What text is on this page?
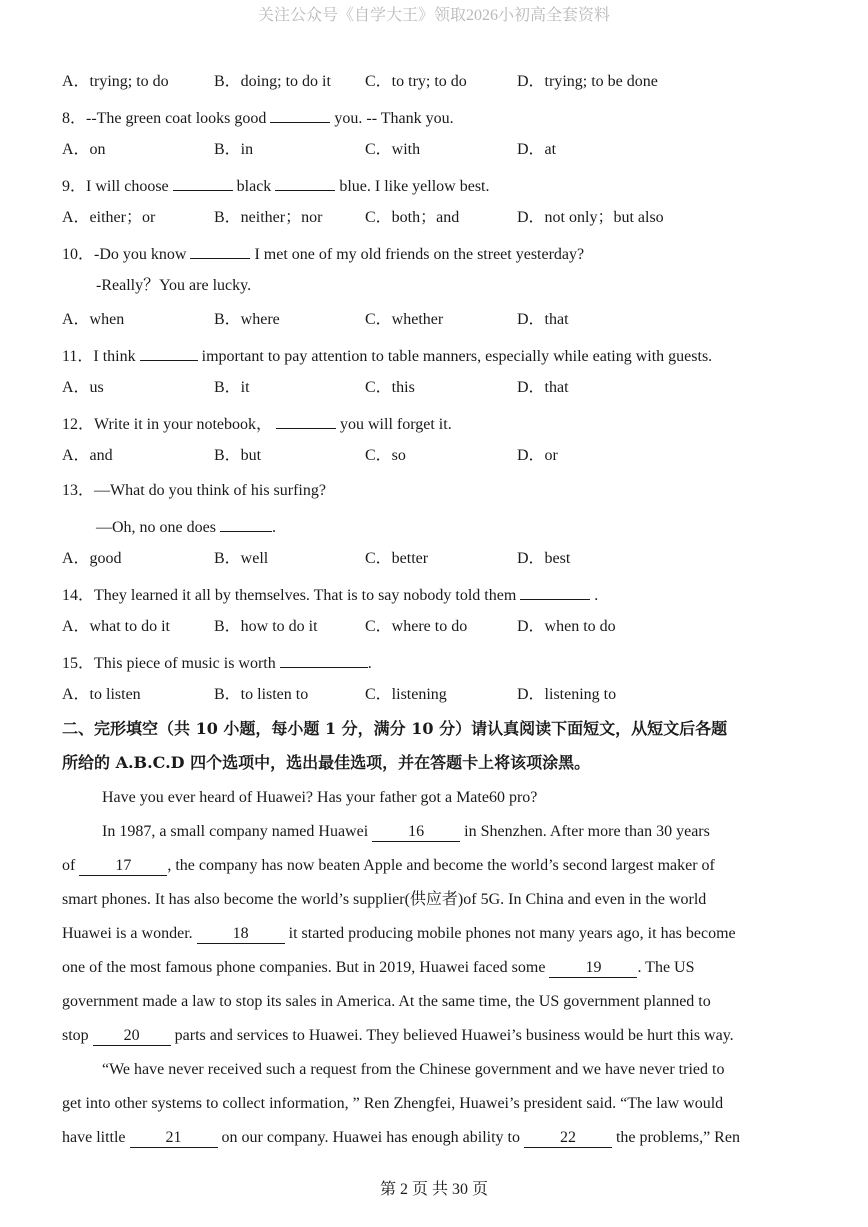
关注公众号《自学大王》领取2026小初高全套资料
A．trying; to do	B．doing; to do it C．to try; to do	D．trying; to be done
8．--The green coat looks good	you. -- Thank you.
A．on	B．in	C．with	D．at
9．I will choose	black	blue. I like yellow best.
A．either；or	B．neither；nor	C．both；and	D．not only；but also
10．-Do you know	I met one of my old friends on the street yesterday?
-Really？You are lucky.
A．when	B．where	C．whether	D．that
11．I think	important to pay attention to table manners, especially while eating with guests.
A．us	B．it	C．this	D．that
12．Write it in your notebook，	you will forget it.
A．and	B．but	C．so	D．or
13．—What do you think of his surfing?
—Oh, no one does	.
A．good	B．well	C．better	D．best
14．They learned it all by themselves. That is to say nobody told them	.
A．what to do it	B．how to do it	C．where to do	D．when to do
15．This piece of music is worth	.
A．to listen	B．to listen to	C．listening	D．listening to
二、完形填空（共 10 小题，每小题 1 分，满分 10 分）请认真阅读下面短文，从短文后各题
所给的 A.B.C.D 四个选项中，选出最佳选项，并在答题卡上将该项涂黑。
Have you ever heard of Huawei? Has your father got a Mate60 pro?
In 1987, a small company named Huawei	16	in Shenzhen. After more than 30 years
of	17 , the company has now beaten Apple and become the world’s second largest maker of
smart phones. It has also become the world’s supplier(供应者)of 5G. In China and even in the world
Huawei is a wonder.	18	it started producing mobile phones not many years ago, it has become
one of the most famous phone companies. But in 2019, Huawei faced some	19 . The US
government made a law to stop its sales in America. At the same time, the US government planned to
stop 20 parts and services to Huawei. They believed Huawei’s business would be hurt this way.
“We have never received such a request from the Chinese government and we have never tried to
get into other systems to collect information, ” Ren Zhengfei, Huawei’s president said. “The law would
have little	21	on our company. Huawei has enough ability to	22	the problems,” Ren
第 2 页 共 30 页
